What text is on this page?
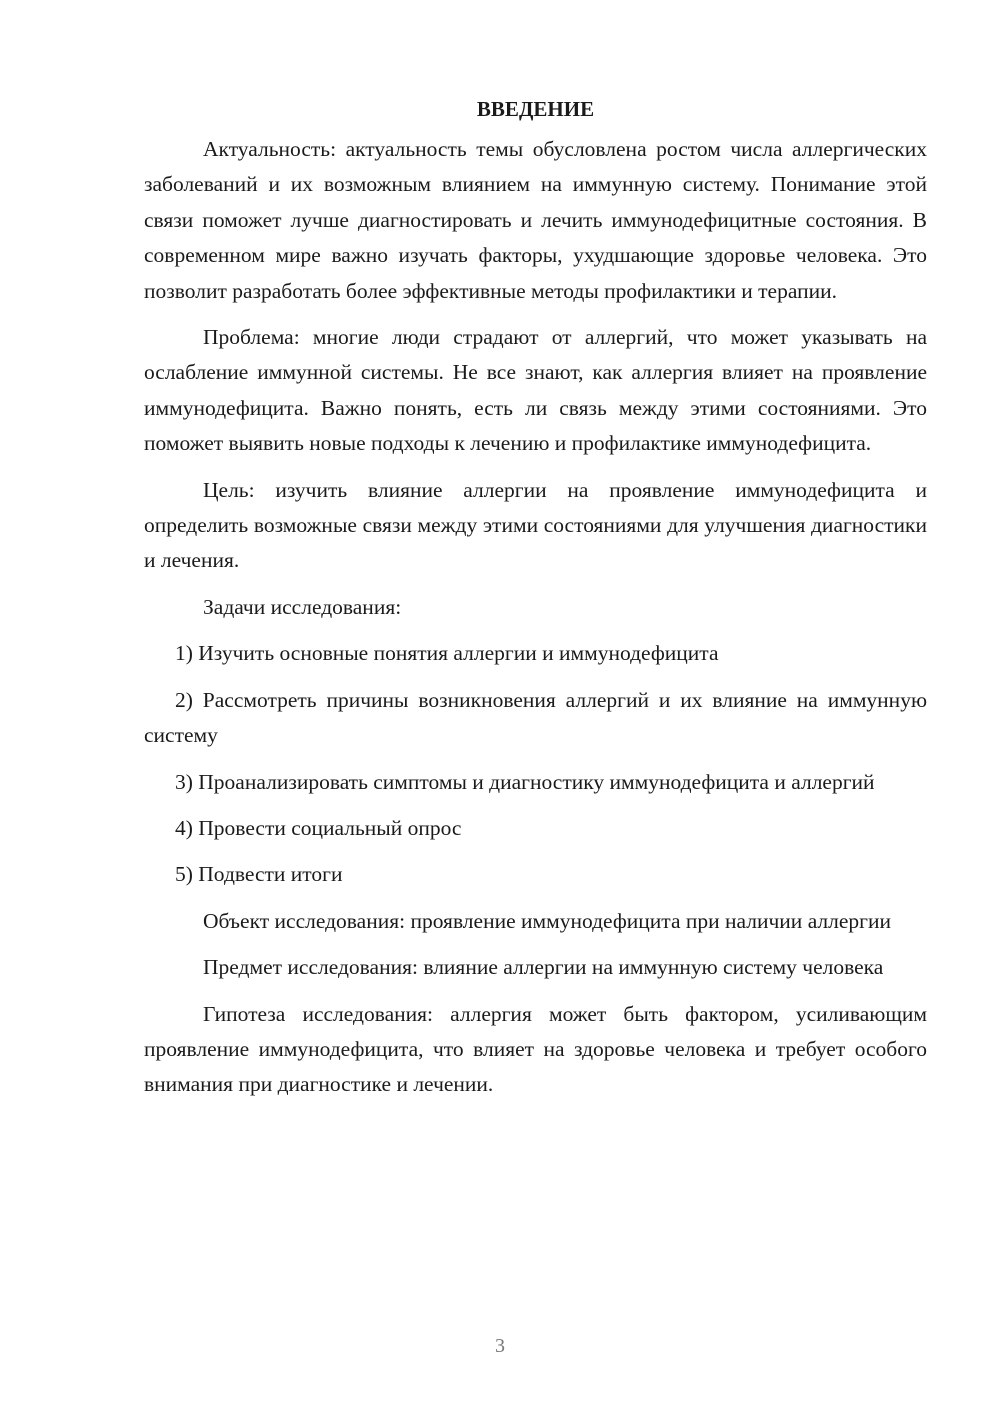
ВВЕДЕНИЕ

Актуальность: актуальность темы обусловлена ростом числа аллергических заболеваний и их возможным влиянием на иммунную систему. Понимание этой связи поможет лучше диагностировать и лечить иммунодефицитные состояния. В современном мире важно изучать факторы, ухудшающие здоровье человека. Это позволит разработать более эффективные методы профилактики и терапии.

Проблема: многие люди страдают от аллергий, что может указывать на ослабление иммунной системы. Не все знают, как аллергия влияет на проявление иммунодефицита. Важно понять, есть ли связь между этими состояниями. Это поможет выявить новые подходы к лечению и профилактике иммунодефицита.

Цель: изучить влияние аллергии на проявление иммунодефицита и определить возможные связи между этими состояниями для улучшения диагностики и лечения.

Задачи исследования:

1) Изучить основные понятия аллергии и иммунодефицита

2) Рассмотреть причины возникновения аллергий и их влияние на иммунную систему

3) Проанализировать симптомы и диагностику иммунодефицита и аллергий

4) Провести социальный опрос

5) Подвести итоги

Объект исследования: проявление иммунодефицита при наличии аллергии

Предмет исследования: влияние аллергии на иммунную систему человека

Гипотеза исследования: аллергия может быть фактором, усиливающим проявление иммунодефицита, что влияет на здоровье человека и требует особого внимания при диагностике и лечении.

3
